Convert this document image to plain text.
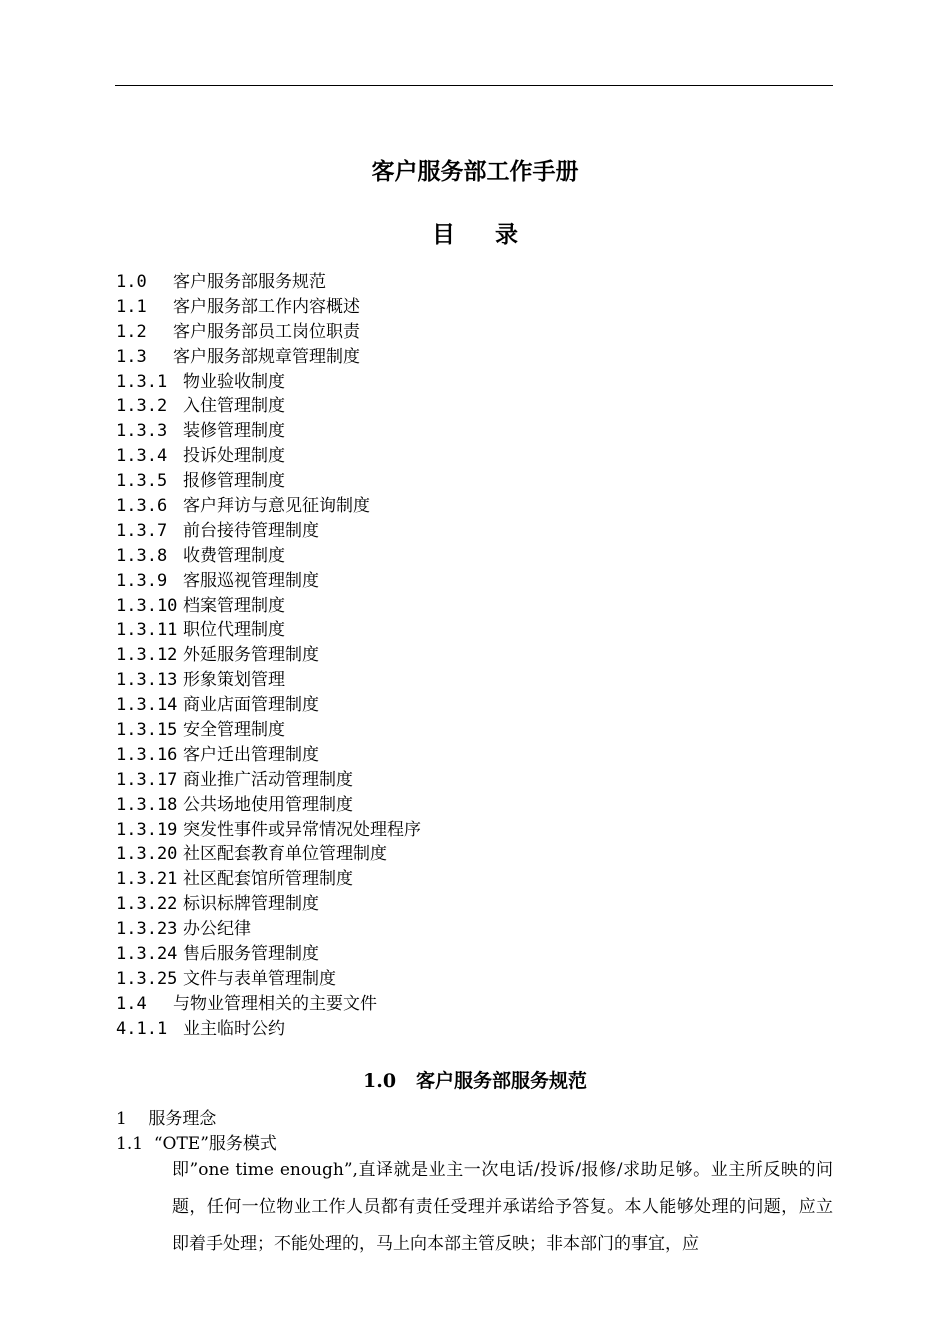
客户服务部工作手册
目 录
1.0 客户服务部服务规范
1.1 客户服务部工作内容概述
1.2 客户服务部员工岗位职责
1.3 客户服务部规章管理制度
1.3.1 物业验收制度
1.3.2 入住管理制度
1.3.3 装修管理制度
1.3.4 投诉处理制度
1.3.5 报修管理制度
1.3.6 客户拜访与意见征询制度
1.3.7 前台接待管理制度
1.3.8 收费管理制度
1.3.9 客服巡视管理制度
1.3.10 档案管理制度
1.3.11 职位代理制度
1.3.12 外延服务管理制度
1.3.13 形象策划管理
1.3.14 商业店面管理制度
1.3.15 安全管理制度
1.3.16 客户迁出管理制度
1.3.17 商业推广活动管理制度
1.3.18 公共场地使用管理制度
1.3.19 突发性事件或异常情况处理程序
1.3.20 社区配套教育单位管理制度
1.3.21 社区配套馆所管理制度
1.3.22 标识标牌管理制度
1.3.23 办公纪律
1.3.24 售后服务管理制度
1.3.25 文件与表单管理制度
1.4 与物业管理相关的主要文件
4.1.1 业主临时公约
1.0   客户服务部服务规范
1    服务理念
1.1  “OTE”服务模式
即”one time enough”,直译就是业主一次电话/投诉/报修/求助足够。业主所反映的问题，任何一位物业工作人员都有责任受理并承诺给予答复。本人能够处理的问题，应立即着手处理；不能处理的，马上向本部主管反映；非本部门的事宜，应
